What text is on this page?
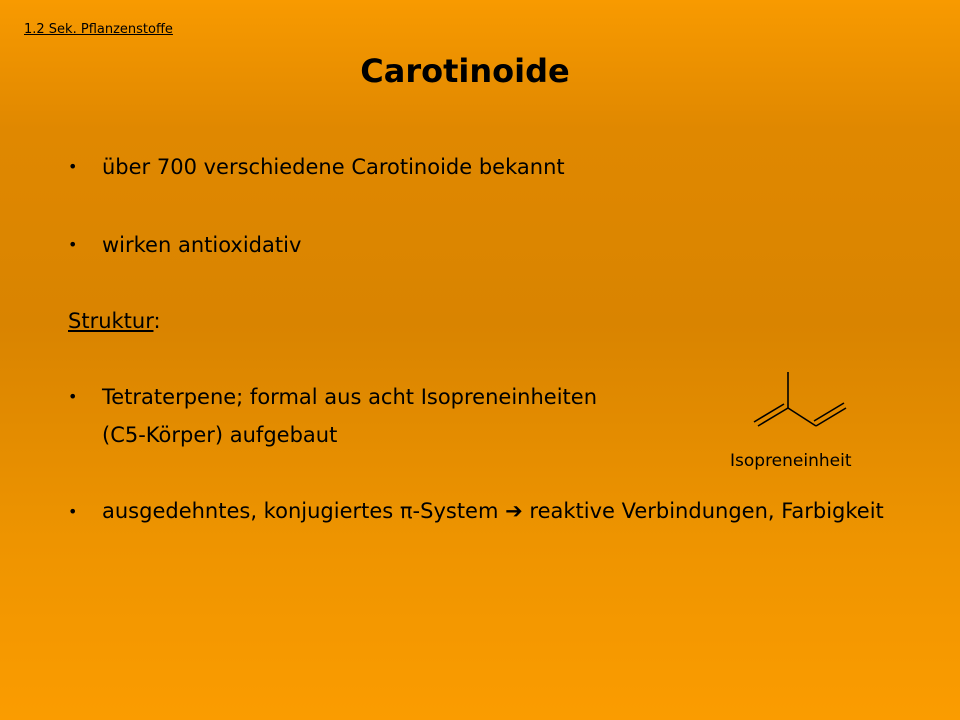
1.2 Sek. Pflanzenstoffe
Carotinoide
•	über 700 verschiedene Carotinoide bekannt
•	wirken antioxidativ
Struktur:
•	Tetraterpene; formal aus acht Isopreneinheiten
(C5-Körper) aufgebaut
Isopreneinheit
•	ausgedehntes, konjugiertes π-System ➔ reaktive Verbindungen, Farbigkeit
